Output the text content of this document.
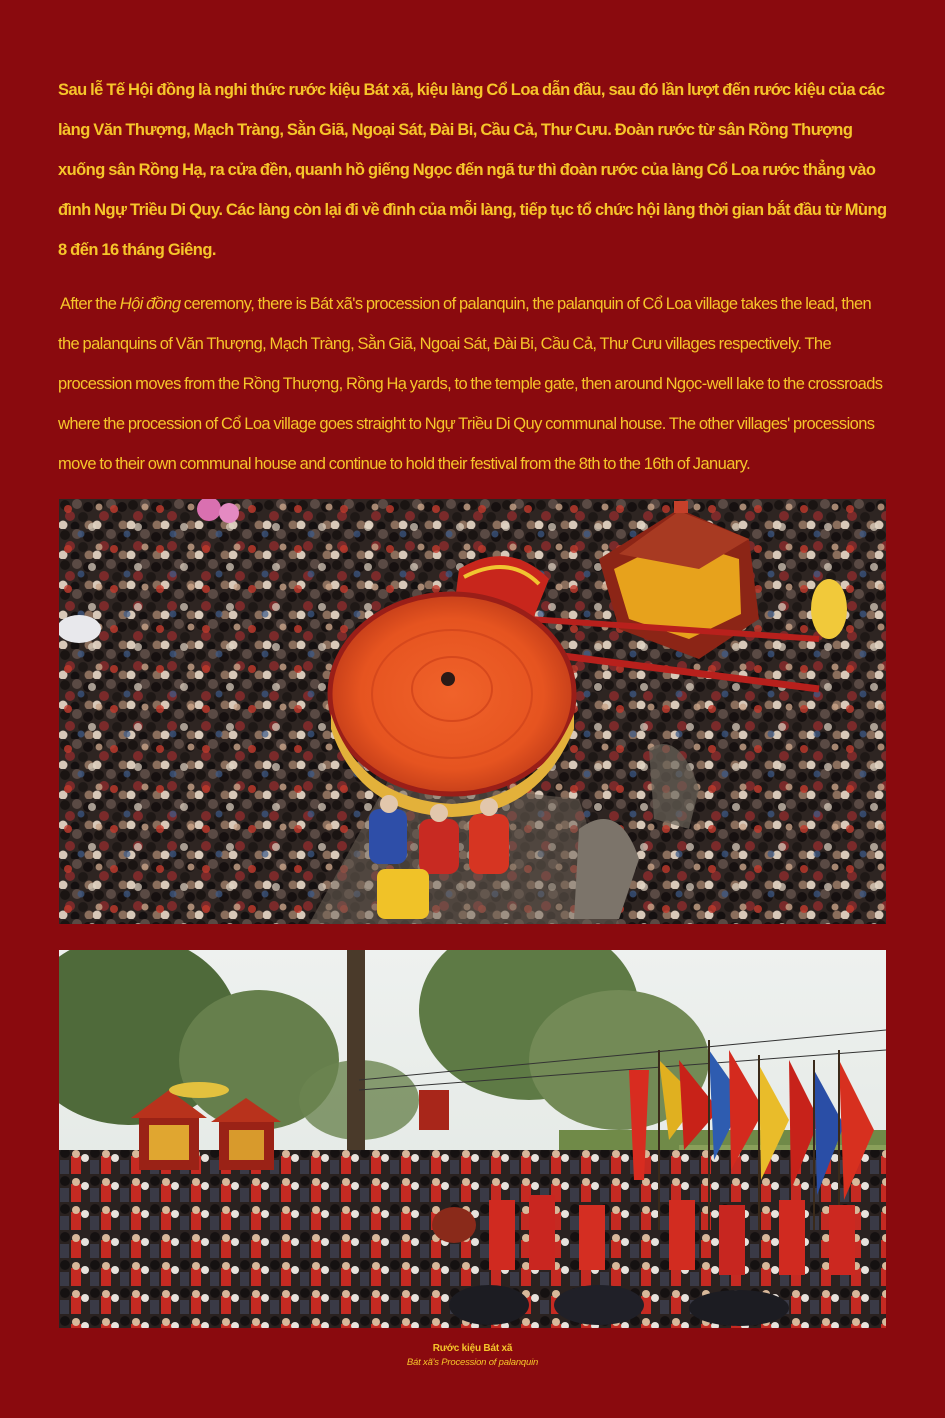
Sau lễ Tế Hội đồng là nghi thức rước kiệu Bát xã, kiệu làng Cổ Loa dẫn đầu, sau đó lần lượt đến rước kiệu của các làng Văn Thượng, Mạch Tràng, Sằn Giã, Ngoại Sát, Đài Bi, Cầu Cả, Thư Cưu. Đoàn rước từ sân Rồng Thượng xuống sân Rồng Hạ, ra cửa đền, quanh hồ giếng Ngọc đến ngã tư thì đoàn rước của làng Cổ Loa rước thẳng vào đình Ngự Triều Di Quy. Các làng còn lại đi về đình của mỗi làng, tiếp tục tổ chức hội làng thời gian bắt đầu từ Mùng 8 đến 16 tháng Giêng.

After the Hội đồng ceremony, there is Bát xã's procession of palanquin, the palanquin of Cổ Loa village takes the lead, then the palanquins of Văn Thượng, Mạch Tràng, Sằn Giã, Ngoại Sát, Đài Bi, Cầu Cả, Thư Cưu villages respectively. The procession moves from the Rồng Thượng, Rồng Hạ yards, to the temple gate, then around Ngọc-well lake to the crossroads where the procession of Cổ Loa village goes straight to Ngự Triều Di Quy communal house. The other villages' processions move to their own communal house and continue to hold their festival from the 8th to the 16th of January.

Rước kiệu Bát xã
Bát xã's Procession of palanquin
